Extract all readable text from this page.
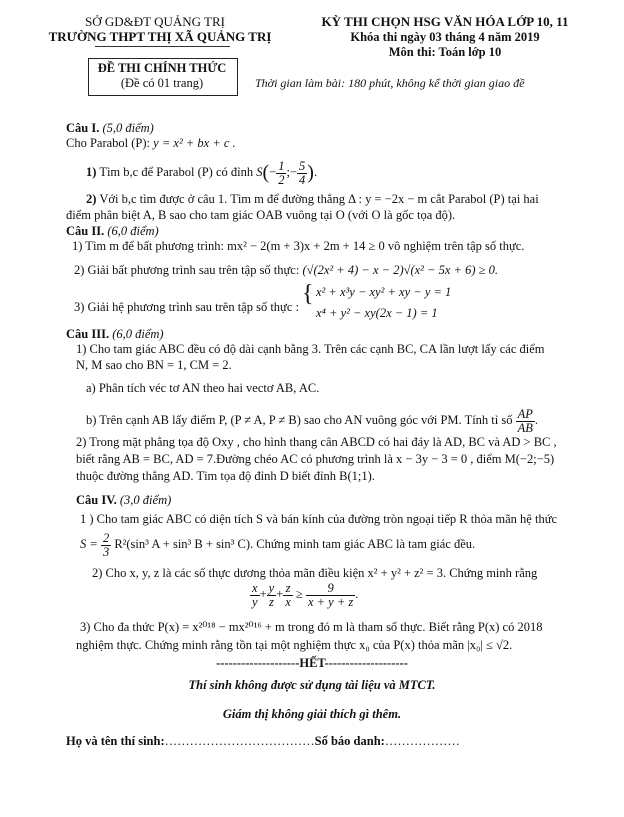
SỞ GD&ĐT QUẢNG TRỊ
TRƯỜNG THPT THỊ XÃ QUẢNG TRỊ
KỲ THI CHỌN HSG VĂN HÓA LỚP 10, 11
Khóa thi ngày 03 tháng 4 năm 2019
Môn thi: Toán lớp 10
ĐỀ THI CHÍNH THỨC
(Đề có 01 trang)	Thời gian làm bài: 180 phút, không kể thời gian giao đề
Câu I. (5,0 điểm)
Cho Parabol (P): y = x² + bx + c .
1) Tìm b,c để Parabol (P) có đỉnh $S(- \frac{1}{2}$ ;− $\frac{5}{4}$ ).
2) Với b,c tìm được ở câu 1. Tìm m để đường thẳng Δ : y = −2x − m cắt Parabol (P) tại hai
điểm phân biệt A, B sao cho tam giác OAB vuông tại O (với O là gốc tọa độ).
Câu II. (6,0 điểm)
1) Tìm m để bất phương trình: mx² − 2(m + 3)x + 2m + 14 ≥ 0 vô nghiệm trên tập số thực.
2) Giải bất phương trình sau trên tập số thực: (√(2x² + 4) − x − 2)√(x² − 5x + 6) ≥ 0.
3) Giải hệ phương trình sau trên tập số thực : { x² + x³y − xy² + xy − y = 1
x⁴ + y² − xy(2x − 1) = 1
Câu III. (6,0 điểm)
1) Cho tam giác ABC đều có độ dài cạnh bằng 3. Trên các cạnh BC, CA lần lượt lấy các điểm
N, M sao cho BN = 1, CM = 2.
a) Phân tích véc tơ AN theo hai vectơ AB, AC.
b) Trên cạnh AB lấy điểm P, (P ≠ A, P ≠ B) sao cho AN vuông góc với PM. Tính tỉ số $\frac{AP}{AB}$ .
2) Trong mặt phẳng tọa độ Oxy , cho hình thang cân ABCD có hai đáy là AD, BC và AD > BC ,
biết rằng AB = BC, AD = 7.Đường chéo AC có phương trình là x − 3y − 3 = 0 , điểm M(−2;−5)
thuộc đường thẳng AD. Tìm tọa độ đỉnh D biết đỉnh B(1;1).
Câu IV. (3,0 điểm)
1 ) Cho tam giác ABC có diện tích S và bán kính của đường tròn ngoại tiếp R thỏa mãn hệ thức
$S = \frac{2}{3} R^2(\sin^3$ A + sin³ B + sin³ C). Chứng minh tam giác ABC là tam giác đều.
2) Cho x, y, z là các số thực dương thỏa mãn điều kiện x² + y² + z² = 3. Chứng minh rằng
$\frac{x}{y} + \frac{y}{z} + \frac{z}{x} \ge \frac{9}{x + y + z}$ .
3) Cho đa thức P(x) = x²⁰¹⁸ − mx²⁰¹⁶ + m trong đó m là tham số thực. Biết rằng P(x) có 2018
nghiệm thực. Chứng minh rằng tồn tại một nghiệm thực x₀ của P(x) thỏa mãn |x₀| ≤ √2.
--------------------HẾT--------------------
Thí sinh không được sử dụng tài liệu và MTCT.
Giám thị không giải thích gì thêm.
Họ và tên thí sinh:………………………………Số báo danh:………………
